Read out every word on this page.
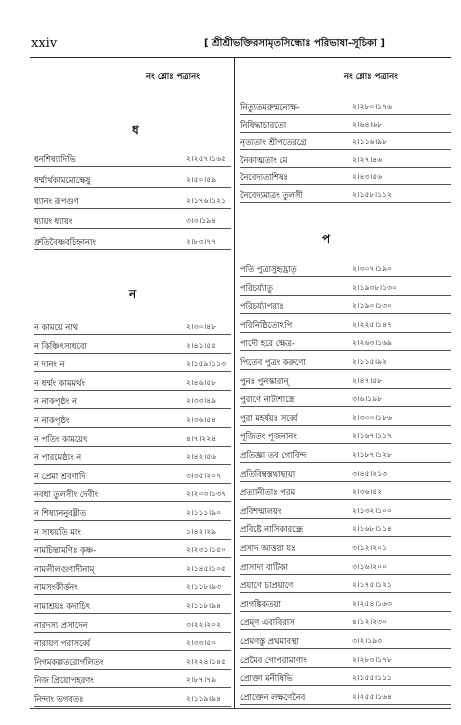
xxiv	[ শ্রীশ্রীভক্তিরসামৃতসিন্ধোঃ পরিভাষা-সূচিকা ]
নং শ্লোঃ পত্রানং	নং শ্লোঃ পত্রানং
ধ
ন
প
ধনশিষ্যাদিভি	২।২৫৭।১৬৫
ধর্ম্মার্থকামমোক্ষেষু	২।৫০।৫৯
ধ্যানং রূপগুণ	২।১৭৬।১২১
ধ্যায়ং ধ্যায়ং	৩।৩।১৯৪
ধ্রুতিবৈষ্ণবচিহ্নানাং	২।৮৩।৭৭
ন কাময়ে নাথ	২।৩০।৪৮
ন কিঞ্চিৎসাধবো	২।৪১।৫৫
ন দানং ন	২।১৫৯।১১৩
ন ধর্ম্মং কামমর্থং	২।৪৬।৫৮
ন নাকপৃষ্ঠং ন	২।৩৩।৪৯
ন নাকপৃষ্ঠং	২।৩৬।৫৪
ন পতিং কাময়েৎ	৪।৭।২২৪
ন পারমেষ্ঠ্যং ন	২।৪২।৫৬
ন প্রেমা শ্রবণাদি	৩।৩৫।২০৭
নবধা তুলসীং দেবীং	২।২০৩।১৩৭
ন শিষ্যাননুবধ্নীত	২।১১১।৯০
ন সাধয়তি মাং	১।৪২।২৯
নামচিন্তামণিঃ কৃষ্ণ-	২।২৩১।১৫০
নামলীলগুণাদীনাম্	২।১৪৫।১০৫
নামসংকীর্ত্তনং	২।১১৮।৯৩
নামাশ্রয়ঃ কদাচিৎ	২।১১৮।৯৪
নারদস্য প্রসাদেন	৩।২২।২০২
নারায়ণ পরাসর্ব্বে	২।৩৩।৫০
নিগমকল্পতরোর্গলিতং	২।২২৪।১৪৫
নিজ প্রিয়োপহরণং	২।৮৭।৭৯
নিন্দাং ভগবতঃ	২।১১৯।৯৪
নিত্যুতমরুন্মনোক্ষ-	২।২৮০।১৭৬
নিষিদ্ধাচারতো	২।৬৪।৬৮
নৃত্যতাং শ্রীপতেরগ্রে	২।১১৬।৯৮
নৈকাত্মতাং মে	২।২৭।৪৬
নৈবেদ্যতাশিষঃ	২।৪৩।৫৬
নৈবেদ্যমাত্রং তুলসী	২।১৫৮।১১২
পতি পুত্রাসুহৃদ্ভ্রাতৃ	২।৩০৭।১৯০
পরিচর্য্যাতু	২।১৯৩৮।১৩০
পরিচর্য্যাপরাঃ	২।১৯০।১৩০
পরিনিষ্ঠিতোঽপি	২।২২৫।১৪৭
পাদৌ হরে ক্ষেত্র-	২।২৬৩।১৬৯
পিতেব পুত্রং করুণো	২।১১৫।৯২
পুনঃ পুনস্কারান্	২।৪৭।৫৮
পুরাণে নাট্যশাস্ত্রে	৩।৬।১৯৮
পুরা মহর্ষয়ঃ সর্ব্বে	২।৩০০।১৮৬
পূজিতং পূজনানং	২।১৬৭।১১৭
প্রতিজ্ঞা তব গোবিন্দ	২।১৮৭।১২৮
প্রতিবিম্বস্তথাছায়া	৩।৪৫।২১৩
প্রত্যানীতাঃ পরম	২।৩৬।৫২
প্রবিশন্মালয়ং	২।১৩২।১০০
প্রবিষ্টে নাসিকারন্ধ্রে	২।১৬৮।১১৪
প্রসাদ আত্তরা যঃ	৩।১২।২০১
প্রাসাদা বাটিকা	৩।১৬।২০০
প্রয়াণে চাপ্রয়াণে	২।১৭৫।১২১
প্রাগঙ্কিকতয়া	২।২৫৪।১৬৩
প্রেম্ণ এবাবিরাস	৪।১২।২৩০
প্রেমণস্তু প্রথমাবস্থা	৩।২।১৯৩
প্রেমৈব গোপরামাণাং	২।২৮৩।১৭৮
প্রোক্তা মনীষিভি	২।১৫৫।১১১
প্রোক্তেন লক্ষণেনৈব	২।২৫৫।১৬৪
